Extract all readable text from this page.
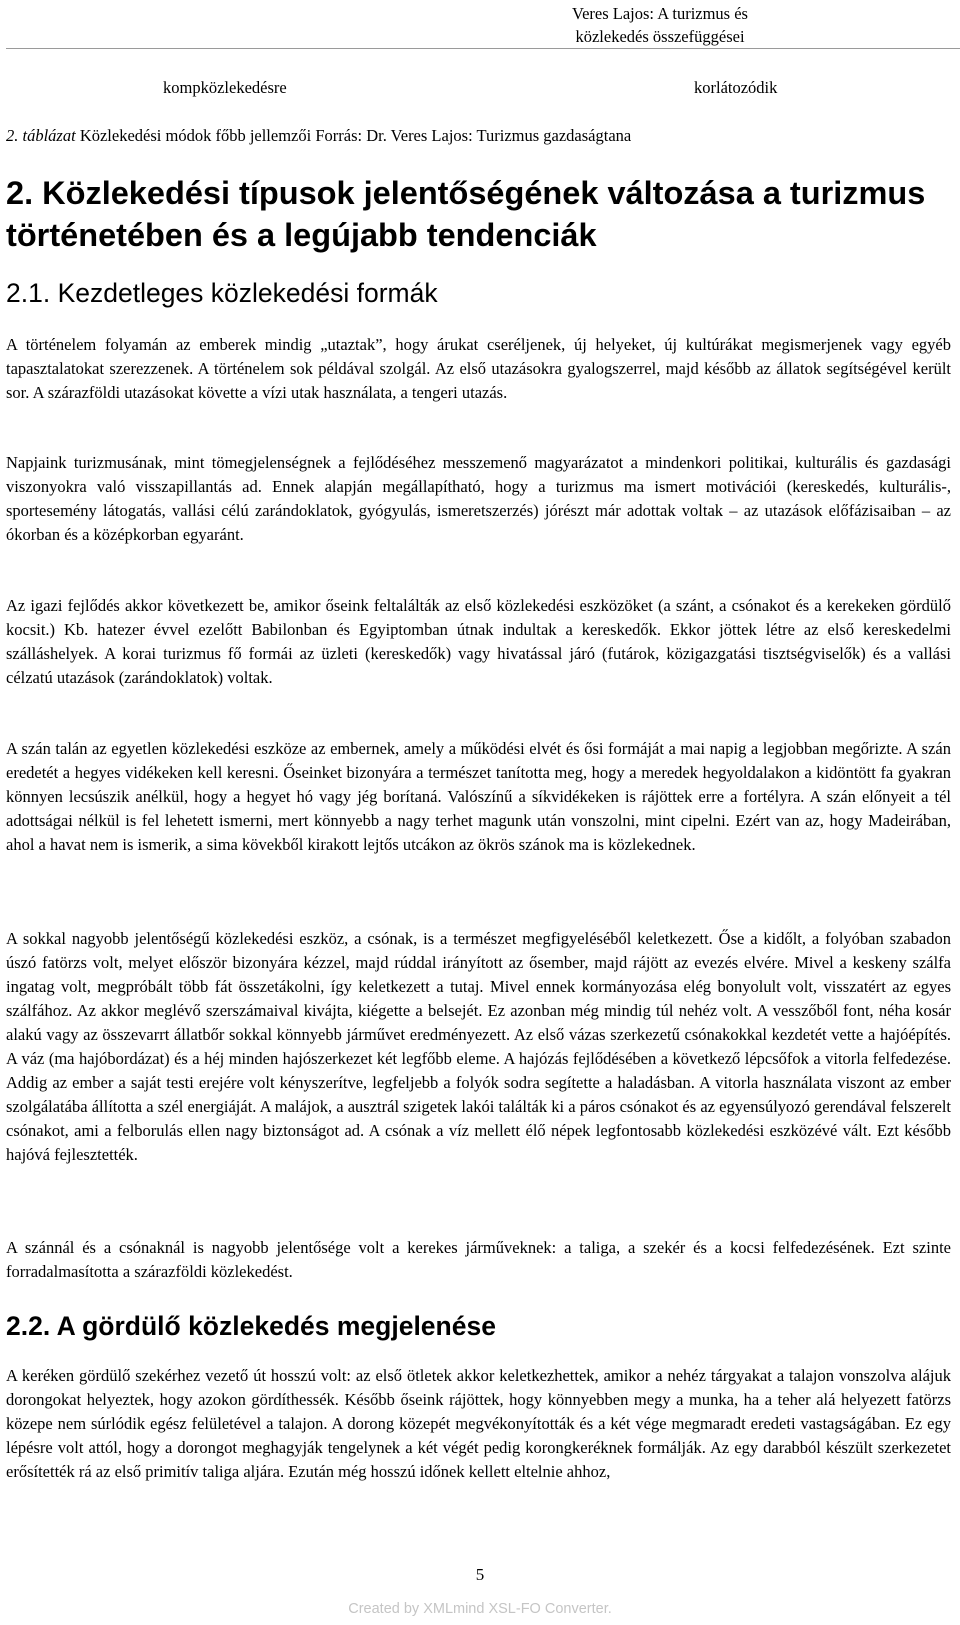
Veres Lajos: A turizmus és
közlekedés összefüggései
kompközlekedésre	korlátozódik
2. táblázat Közlekedési módok főbb jellemzői Forrás: Dr. Veres Lajos: Turizmus gazdaságtana
2. Közlekedési típusok jelentőségének változása a turizmus történetében és a legújabb tendenciák
2.1. Kezdetleges közlekedési formák

A történelem folyamán az emberek mindig „utaztak”, hogy árukat cseréljenek, új helyeket, új kultúrákat megismerjenek vagy egyéb tapasztalatokat szerezzenek. A történelem sok példával szolgál. Az első utazásokra gyalogszerrel, majd később az állatok segítségével került sor. A szárazföldi utazásokat követte a vízi utak használata, a tengeri utazás.

Napjaink turizmusának, mint tömegjelenségnek a fejlődéséhez messzemenő magyarázatot a mindenkori politikai, kulturális és gazdasági viszonyokra való visszapillantás ad. Ennek alapján megállapítható, hogy a turizmus ma ismert motivációi (kereskedés, kulturális-, sportesemény látogatás, vallási célú zarándoklatok, gyógyulás, ismeretszerzés) jórészt már adottak voltak – az utazások előfázisaiban – az ókorban és a középkorban egyaránt.

Az igazi fejlődés akkor következett be, amikor őseink feltalálták az első közlekedési eszközöket (a szánt, a csónakot és a kerekeken gördülő kocsit.) Kb. hatezer évvel ezelőtt Babilonban és Egyiptomban útnak indultak a kereskedők. Ekkor jöttek létre az első kereskedelmi szálláshelyek. A korai turizmus fő formái az üzleti (kereskedők) vagy hivatással járó (futárok, közigazgatási tisztségviselők) és a vallási célzatú utazások (zarándoklatok) voltak.

A szán talán az egyetlen közlekedési eszköze az embernek, amely a működési elvét és ősi formáját a mai napig a legjobban megőrizte. A szán eredetét a hegyes vidékeken kell keresni. Őseinket bizonyára a természet tanította meg, hogy a meredek hegyoldalakon a kidöntött fa gyakran könnyen lecsúszik anélkül, hogy a hegyet hó vagy jég borítaná. Valószínű a síkvidékeken is rájöttek erre a fortélyra. A szán előnyeit a tél adottságai nélkül is fel lehetett ismerni, mert könnyebb a nagy terhet magunk után vonszolni, mint cipelni. Ezért van az, hogy Madeirában, ahol a havat nem is ismerik, a sima kövekből kirakott lejtős utcákon az ökrös szánok ma is közlekednek.

A sokkal nagyobb jelentőségű közlekedési eszköz, a csónak, is a természet megfigyeléséből keletkezett. Őse a kidőlt, a folyóban szabadon úszó fatörzs volt, melyet először bizonyára kézzel, majd rúddal irányított az ősember, majd rájött az evezés elvére. Mivel a keskeny szálfa ingatag volt, megpróbált több fát összetákolni, így keletkezett a tutaj. Mivel ennek kormányozása elég bonyolult volt, visszatért az egyes szálfához. Az akkor meglévő szerszámaival kivájta, kiégette a belsejét. Ez azonban még mindig túl nehéz volt. A vesszőből font, néha kosár alakú vagy az összevarrt állatbőr sokkal könnyebb járművet eredményezett. Az első vázas szerkezetű csónakokkal kezdetét vette a hajóépítés. A váz (ma hajóbordázat) és a héj minden hajószerkezet két legfőbb eleme. A hajózás fejlődésében a következő lépcsőfok a vitorla felfedezése. Addig az ember a saját testi erejére volt kényszerítve, legfeljebb a folyók sodra segítette a haladásban. A vitorla használata viszont az ember szolgálatába állította a szél energiáját. A malájok, a ausztrál szigetek lakói találták ki a páros csónakot és az egyensúlyozó gerendával felszerelt csónakot, ami a felborulás ellen nagy biztonságot ad. A csónak a víz mellett élő népek legfontosabb közlekedési eszközévé vált. Ezt később hajóvá fejlesztették.

A szánnál és a csónaknál is nagyobb jelentősége volt a kerekes járműveknek: a taliga, a szekér és a kocsi felfedezésének. Ezt szinte forradalmasította a szárazföldi közlekedést.

2.2. A gördülő közlekedés megjelenése

A keréken gördülő szekérhez vezető út hosszú volt: az első ötletek akkor keletkezhettek, amikor a nehéz tárgyakat a talajon vonszolva alájuk dorongokat helyeztek, hogy azokon gördíthessék. Később őseink rájöttek, hogy könnyebben megy a munka, ha a teher alá helyezett fatörzs közepe nem súrlódik egész felületével a talajon. A dorong közepét megvékonyították és a két vége megmaradt eredeti vastagságában. Ez egy lépésre volt attól, hogy a dorongot meghagyják tengelynek a két végét pedig korongkeréknek formálják. Az egy darabból készült szerkezetet erősítették rá az első primitív taliga aljára. Ezután még hosszú időnek kellett eltelnie ahhoz,

5
Created by XMLmind XSL-FO Converter.
